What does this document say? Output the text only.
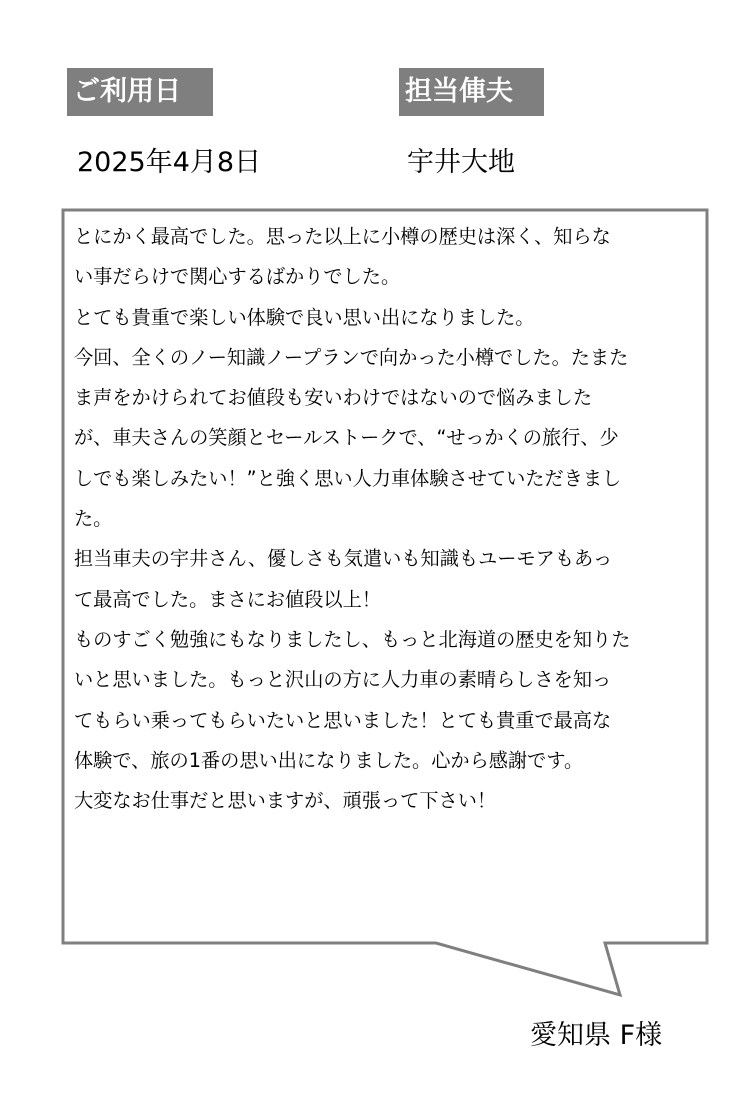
ご利用日	担当俥夫
2025年4月8日	宇井大地
とにかく最高でした。思った以上に小樽の歴史は深く、知らな
い事だらけで関心するばかりでした。
とても貴重で楽しい体験で良い思い出になりました。
今回、全くのノー知識ノープランで向かった小樽でした。たまた
ま声をかけられてお値段も安いわけではないので悩みました
が、車夫さんの笑顔とセールストークで、“せっかくの旅行、少
しでも楽しみたい！”と強く思い人力車体験させていただきまし
た。
担当車夫の宇井さん、優しさも気遣いも知識もユーモアもあっ
て最高でした。まさにお値段以上！
ものすごく勉強にもなりましたし、もっと北海道の歴史を知りた
いと思いました。もっと沢山の方に人力車の素晴らしさを知っ
てもらい乗ってもらいたいと思いました！とても貴重で最高な
体験で、旅の1番の思い出になりました。心から感謝です。
大変なお仕事だと思いますが、頑張って下さい！
愛知県 F様
